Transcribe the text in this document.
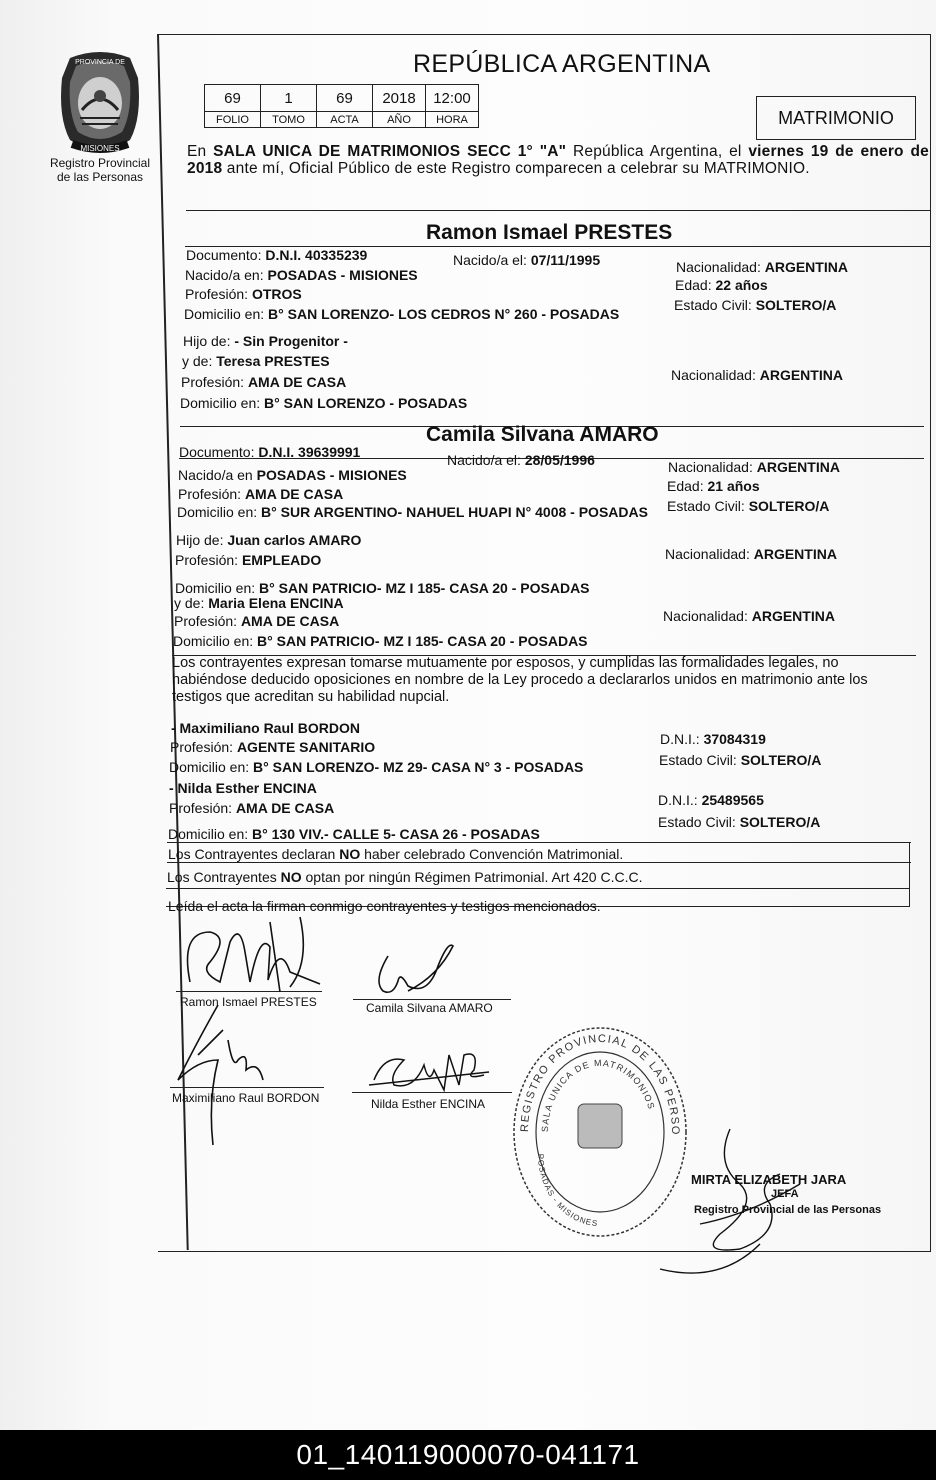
PROVINCIA DE
MISIONES
Registro Provincial
de las Personas
REPÚBLICA ARGENTINA
69	1	69	2018	12:00
FOLIO	TOMO	ACTA	AÑO	HORA	MATRIMONIO
En SALA UNICA DE MATRIMONIOS SECC 1° "A" República Argentina, el viernes 19 de enero de 2018 ante mí, Oficial Público de este Registro comparecen a celebrar su MATRIMONIO.
Ramon Ismael PRESTES
Documento: D.N.I. 40335239	Nacido/a el: 07/11/1995	Nacionalidad: ARGENTINA
Nacido/a en: POSADAS - MISIONES
Edad: 22 años
Profesión: OTROS
Estado Civil: SOLTERO/A
Domicilio en: B° SAN LORENZO- LOS CEDROS N° 260 - POSADAS
Hijo de: - Sin Progenitor -
y de: Teresa PRESTES
Nacionalidad: ARGENTINA
Profesión: AMA DE CASA
Domicilio en: B° SAN LORENZO - POSADAS
Camila Silvana AMARO
Documento: D.N.I. 39639991	Nacido/a el: 28/05/1996	Nacionalidad: ARGENTINA
Nacido/a en POSADAS - MISIONES
Edad: 21 años
Profesión: AMA DE CASA
Estado Civil: SOLTERO/A
Domicilio en: B° SUR ARGENTINO- NAHUEL HUAPI N° 4008 - POSADAS
Hijo de: Juan carlos AMARO
Nacionalidad: ARGENTINA
Profesión: EMPLEADO
Domicilio en: B° SAN PATRICIO- MZ I 185- CASA 20 - POSADAS
y de: Maria Elena ENCINA
Nacionalidad: ARGENTINA
Profesión: AMA DE CASA
Domicilio en: B° SAN PATRICIO- MZ I 185- CASA 20 - POSADAS
Los contrayentes expresan tomarse mutuamente por esposos, y cumplidas las formalidades legales, no habiéndose deducido oposiciones en nombre de la Ley procedo a declararlos unidos en matrimonio ante los testigos que acreditan su habilidad nupcial.
- Maximiliano Raul BORDON
D.N.I.: 37084319
Profesión: AGENTE SANITARIO
Estado Civil: SOLTERO/A
Domicilio en: B° SAN LORENZO- MZ 29- CASA N° 3 - POSADAS
- Nilda Esther ENCINA
D.N.I.: 25489565
Profesión: AMA DE CASA
Estado Civil: SOLTERO/A
Domicilio en: B° 130 VIV.- CALLE 5- CASA 26 - POSADAS
Los Contrayentes declaran NO haber celebrado Convención Matrimonial.
Los Contrayentes NO optan por ningún Régimen Patrimonial. Art 420 C.C.C.
Leída el acta la firman conmigo contrayentes y testigos mencionados.
Ramon Ismael PRESTES	Camila Silvana AMARO
Maximiliano Raul BORDON	Nilda Esther ENCINA
REGISTRO PROVINCIAL DE LAS PERSONAS
SALA UNICA DE MATRIMONIOS
POSADAS - MISIONES
MIRTA ELIZABETH JARA
JEFA
Registro Provincial de las Personas
01_140119000070-041171
